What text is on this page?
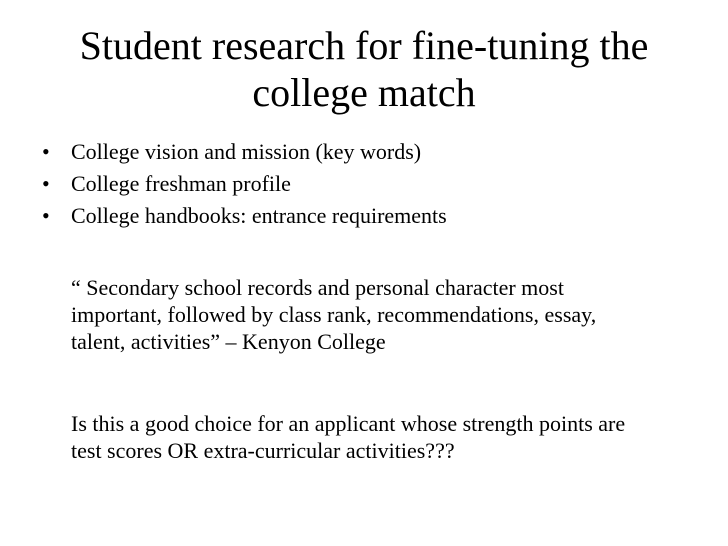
Student research for fine-tuning the
college match
• College vision and mission (key words)
• College freshman profile
• College handbooks: entrance requirements

“ Secondary school records and personal character most
important, followed by class rank, recommendations, essay,
talent, activities” – Kenyon College

Is this a good choice for an applicant whose strength points are
test scores OR extra-curricular activities???
